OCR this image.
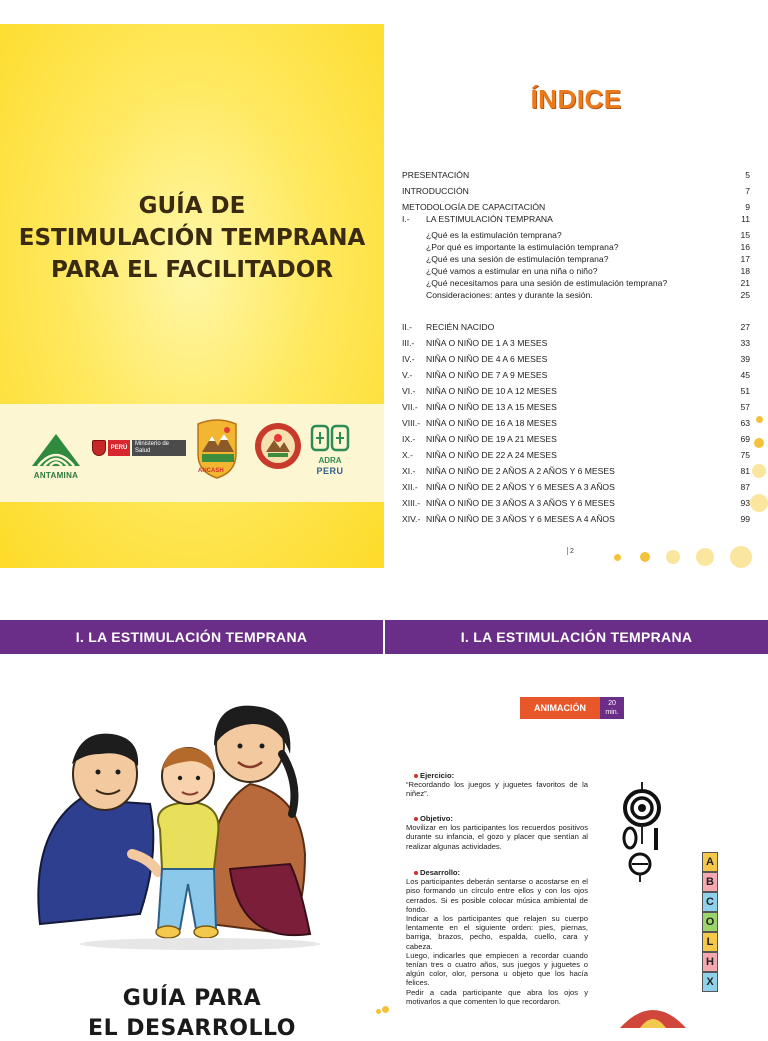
GUÍA DE
ESTIMULACIÓN TEMPRANA
PARA EL FACILITADOR
ANTAMINA
PERÚ
Ministerio de Salud
ANCASH
ADRA
PERU
ÍNDICE
PRESENTACIÓN	5
INTRODUCCIÓN	7
METODOLOGÍA DE CAPACITACIÓN	9
I.- LA ESTIMULACIÓN TEMPRANA	11
¿Qué es la estimulación temprana?	15
¿Por qué es importante la estimulación temprana?	16
¿Qué es una sesión de estimulación temprana?	17
¿Qué vamos a estimular en una niña o niño?	18
¿Qué necesitamos para una sesión de estimulación temprana?	21
Consideraciones: antes y durante la sesión.	25
II.- RECIÉN NACIDO	27
III.- NIÑA O NIÑO DE 1 A 3 MESES	33
IV.- NIÑA O NIÑO DE 4 A 6 MESES	39
V.- NIÑA O NIÑO DE 7 A 9 MESES	45
VI.- NIÑA O NIÑO DE 10 A 12 MESES	51
VII.- NIÑA O NIÑO DE 13 A 15 MESES	57
VIII.- NIÑA O NIÑO DE 16 A 18 MESES	63
IX.- NIÑA O NIÑO DE 19 A 21 MESES	69
X.- NIÑA O NIÑO DE 22 A 24 MESES	75
XI.- NIÑA O NIÑO DE 2 AÑOS A 2 AÑOS Y 6 MESES	81
XII.- NIÑA O NIÑO DE 2 AÑOS Y 6 MESES A 3 AÑOS	87
XIII.- NIÑA O NIÑO DE 3 AÑOS A 3 AÑOS Y 6 MESES	93
XIV.- NIÑA O NIÑO DE 3 AÑOS Y 6 MESES A 4 AÑOS	99
2
I. LA ESTIMULACIÓN TEMPRANA	I. LA ESTIMULACIÓN TEMPRANA
GUÍA PARA
EL DESARROLLO
ANIMACIÓN	20
min.
Ejercicio:

“Recordando los juegos y juguetes favoritos de la niñez”.

Objetivo:

Movilizar en los participantes los recuerdos positivos durante su infancia, el gozo y placer que sentían al realizar algunas actividades.

Desarrollo:

Los participantes deberán sentarse o acostarse en el piso formando un círculo entre ellos y con los ojos cerrados. Si es posible colocar música ambiental de fondo.

Indicar a los participantes que relajen su cuerpo lentamente en el siguiente orden: pies, piernas, barriga, brazos, pecho, espalda, cuello, cara y cabeza.

Luego, indicarles que empiecen a recordar cuando tenían tres o cuatro años, sus juegos y juguetes o algún color, olor, persona u objeto que los hacía felices.

Pedir a cada participante que abra los ojos y motivarlos a que comenten lo que recordaron.

A
B
C
O
L
H
X
